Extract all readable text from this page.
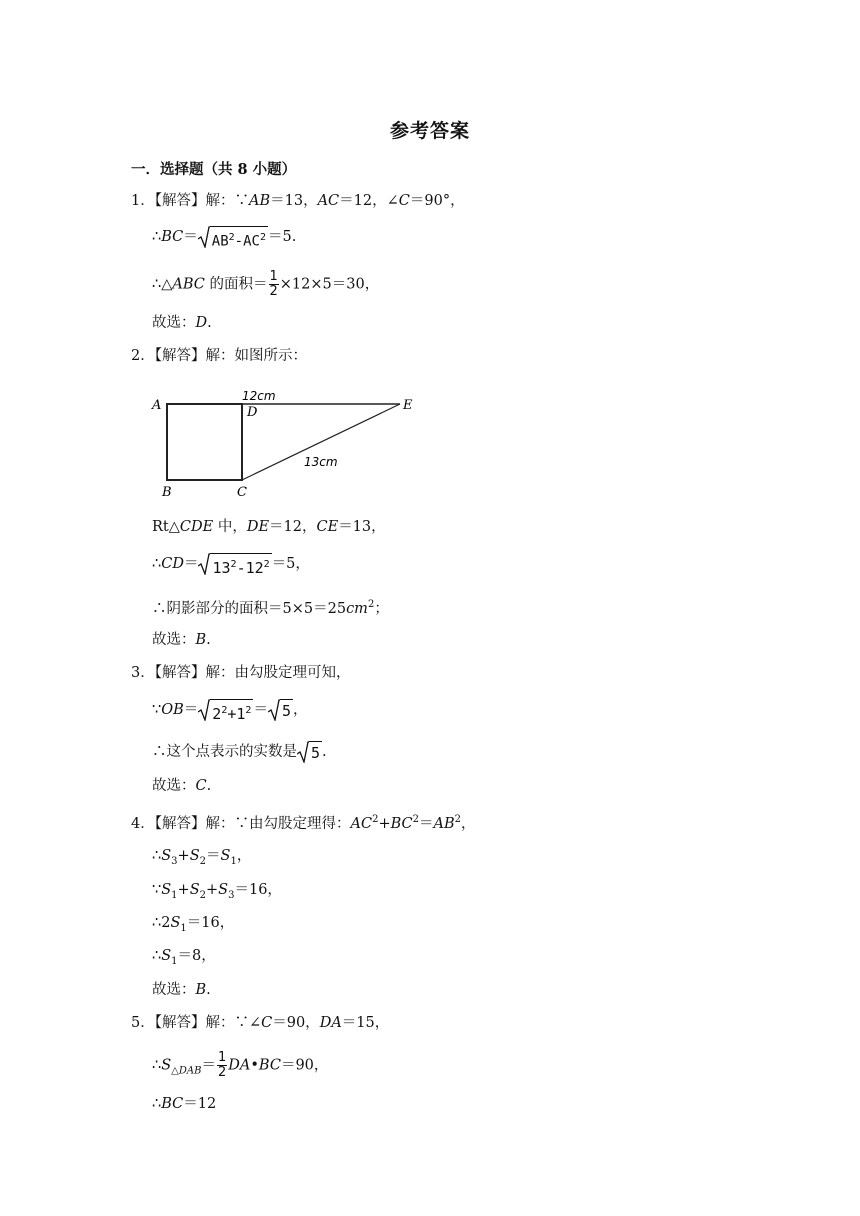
参考答案
一．选择题（共 8 小题）
1．【解答】解：∵AB＝13，AC＝12，∠C＝90°，
∴BC＝ $AB^2-AC^2 =5$.
∴△ABC 的面积＝ $\frac{1}{2} \times 12\times 5=30$，
故选：D.
2．【解答】解：如图所示：
A
B	C
D	E
12cm
13cm
Rt△CDE 中，DE＝12，CE＝13，
∴CD＝ $13^2-12^2 =5$，
∴阴影部分的面积$=5\times 5=25cm^2$；
故选：B.
3．【解答】解：由勾股定理可知，
∵OB＝ $2^2+1^2 = 5$ ，
∴这个点表示的实数是 5 .
故选：C.
4．【解答】解：∵由勾股定理得：$AC^2+BC^2=AB^2$，
$\therefore S_3+S_2=S_1$，
$\because S_1+S_2+S_3=16$，
$\therefore 2S_1=16$，
$\therefore S_1=8$，
故选：B.
5．【解答】解：∵∠C＝90，DA＝15，
$\therefore S_{\triangle DAB}= \frac{1}{2}$ DA•BC＝90，
∴BC＝12
